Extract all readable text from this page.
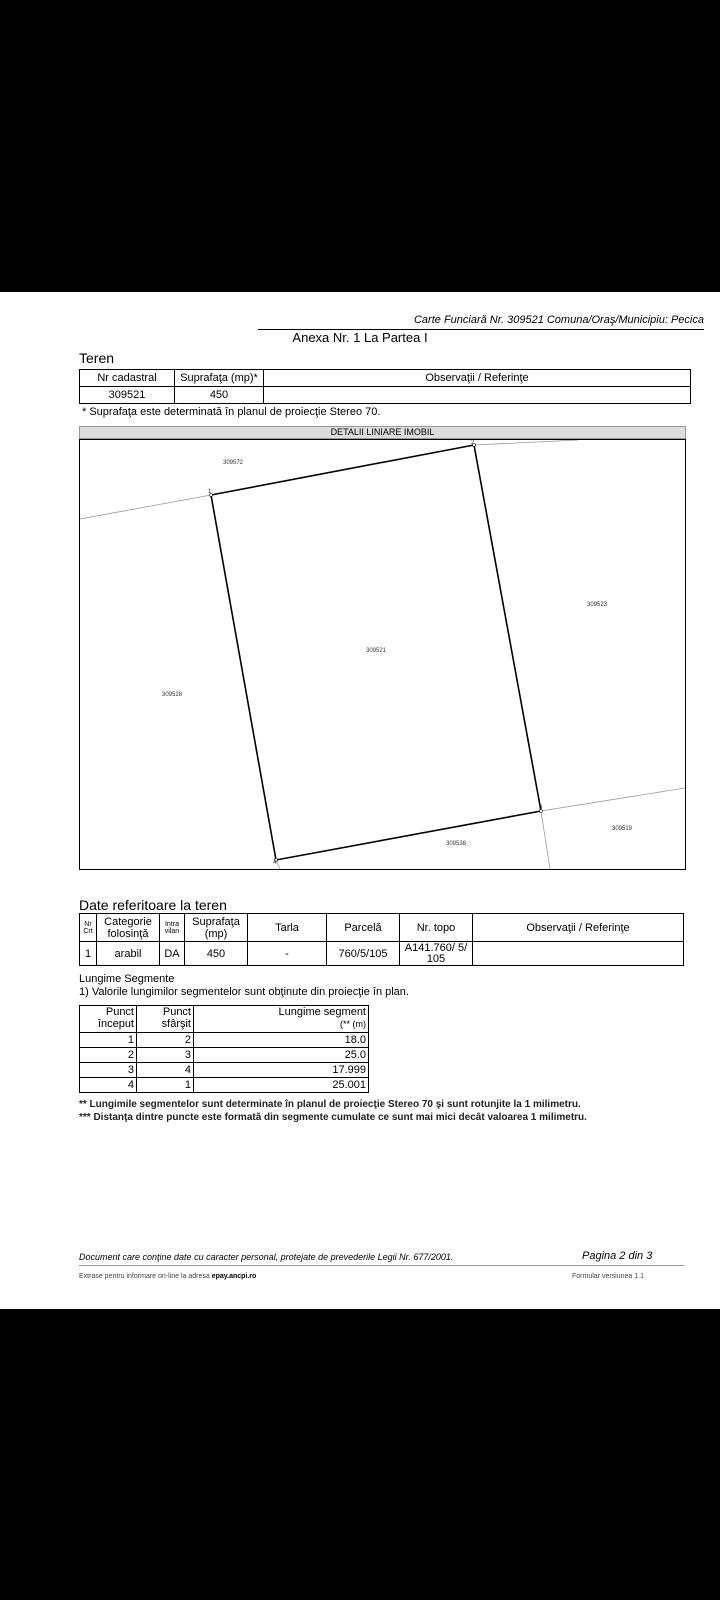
Carte Funciară Nr. 309521 Comuna/Oraş/Municipiu: Pecica
Anexa Nr. 1 La Partea I
Teren
Nr cadastral	Suprafaţa (mp)*	Observaţii / Referinţe
309521	450	
* Suprafaţa este determinată în planul de proiecţie Stereo 70.
DETALII LINIARE IMOBIL
1
2
3
4
309521
309572
309523
309528
309538
309519
Date referitoare la teren
Nr Crt	Categorie folosinţă	Intra vilan	Suprafaţa (mp)	Tarla	Parcelă	Nr. topo	Observaţii / Referinţe
1	arabil	DA	450	-	760/5/105	A141.760/ 5/ 105	
Lungime Segmente
1) Valorile lungimilor segmentelor sunt obţinute din proiecţie în plan.
Punct început	Punct sfârşit	Lungime segment
(** (m)
1	2	18.0
2	3	25.0
3	4	17.999
4	1	25.001
** Lungimile segmentelor sunt determinate în planul de proiecţie Stereo 70 şi sunt rotunjite la 1 milimetru.
*** Distanţa dintre puncte este formată din segmente cumulate ce sunt mai mici decât valoarea 1 milimetru.
Document care conţine date cu caracter personal, protejate de prevederile Legii Nr. 677/2001.	Pagina 2 din 3
Extrase pentru informare on-line la adresa epay.ancpi.ro	Formular versiunea 1.1
